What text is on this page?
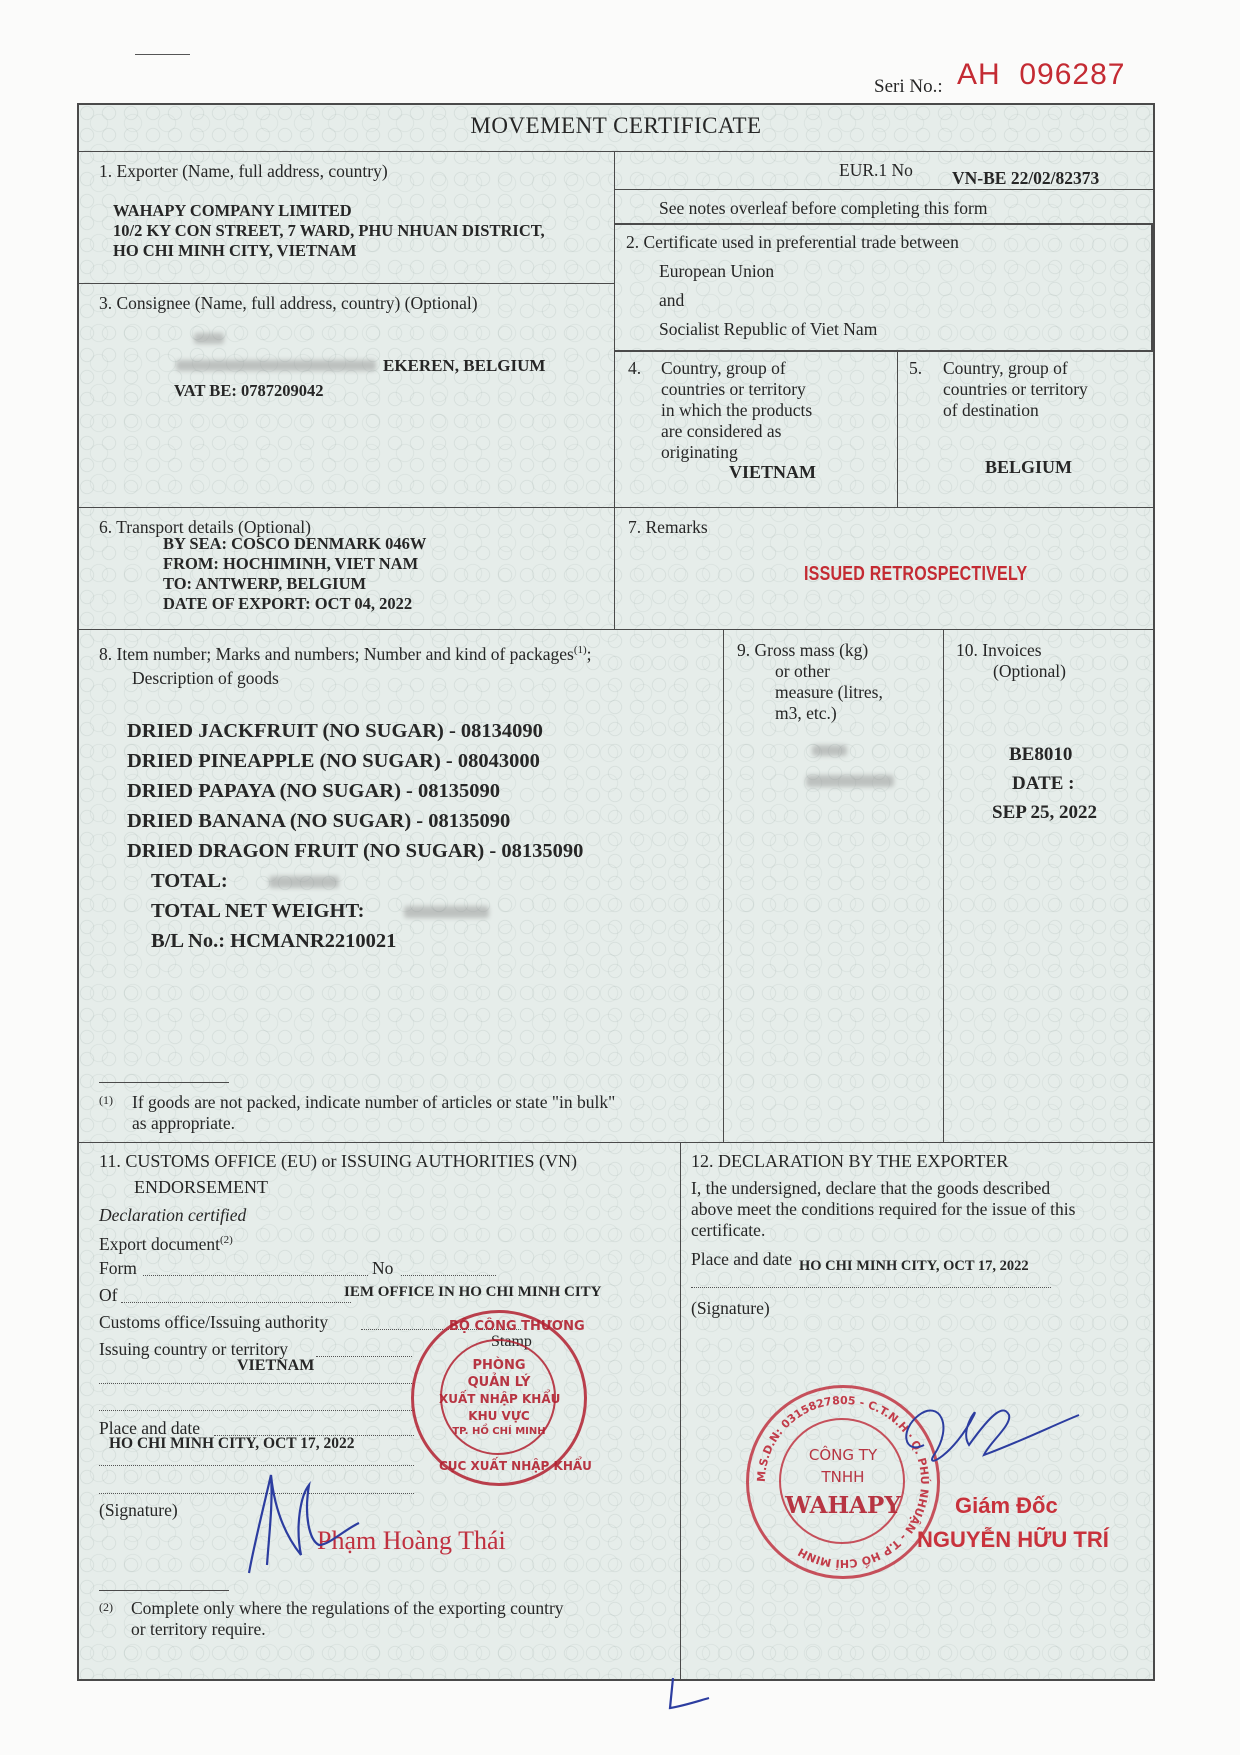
Seri No.: AH 096287
MOVEMENT CERTIFICATE
1. Exporter (Name, full address, country)
WAHAPY COMPANY LIMITED
10/2 KY CON STREET, 7 WARD, PHU NHUAN DISTRICT,
HO CHI MINH CITY, VIETNAM
EUR.1 No VN-BE 22/02/82373
See notes overleaf before completing this form
2. Certificate used in preferential trade between
European Union
and
Socialist Republic of Viet Nam
3. Consignee (Name, full address, country) (Optional)
EKEREN, BELGIUM
VAT BE: 0787209042
4. Country, group of
countries or territory
in which the products
are considered as
originating
VIETNAM
5. Country, group of
countries or territory
of destination
BELGIUM
6. Transport details (Optional)
BY SEA: COSCO DENMARK 046W
FROM: HOCHIMINH, VIET NAM
TO: ANTWERP, BELGIUM
DATE OF EXPORT: OCT 04, 2022
7. Remarks
ISSUED RETROSPECTIVELY
8. Item number; Marks and numbers; Number and kind of packages$^{(1)}$;
Description of goods
DRIED JACKFRUIT (NO SUGAR) - 08134090
DRIED PINEAPPLE (NO SUGAR) - 08043000
DRIED PAPAYA (NO SUGAR) - 08135090
DRIED BANANA (NO SUGAR) - 08135090
DRIED DRAGON FRUIT (NO SUGAR) - 08135090
TOTAL:
TOTAL NET WEIGHT:
B/L No.: HCMANR2210021
(1) If goods are not packed, indicate number of articles or state "in bulk"
as appropriate.
9. Gross mass (kg)
or other
measure (litres,
m3, etc.)
10. Invoices
(Optional)
BE8010
DATE :
SEP 25, 2022
11. CUSTOMS OFFICE (EU) or ISSUING AUTHORITIES (VN)
ENDORSEMENT
Declaration certified
Export document$^{(2)}$
Form	No
Of	IEM OFFICE IN HO CHI MINH CITY
Customs office/Issuing authority
Issuing country or territory	Stamp
VIETNAM
Place and date
HO CHI MINH CITY, OCT 17, 2022
(Signature)
Phạm Hoàng Thái
(2) Complete only where the regulations of the exporting country
or territory require.
BỘ CÔNG THƯƠNG
PHÒNG
QUẢN LÝ
XUẤT NHẬP KHẨU
KHU VỰC
TP. HỒ CHÍ MINH
CỤC XUẤT NHẬP KHẨU
12. DECLARATION BY THE EXPORTER
I, the undersigned, declare that the goods described
above meet the conditions required for the issue of this
certificate.
Place and date HO CHI MINH CITY, OCT 17, 2022
(Signature)
M.S.D.N: 0315827805 - C.T.N.H · Q. PHÚ NHUẬN - T.P HỒ CHÍ MINH
CÔNG TY
TNHH
WAHAPY Giám Đốc
NGUYỄN HỮU TRÍ
